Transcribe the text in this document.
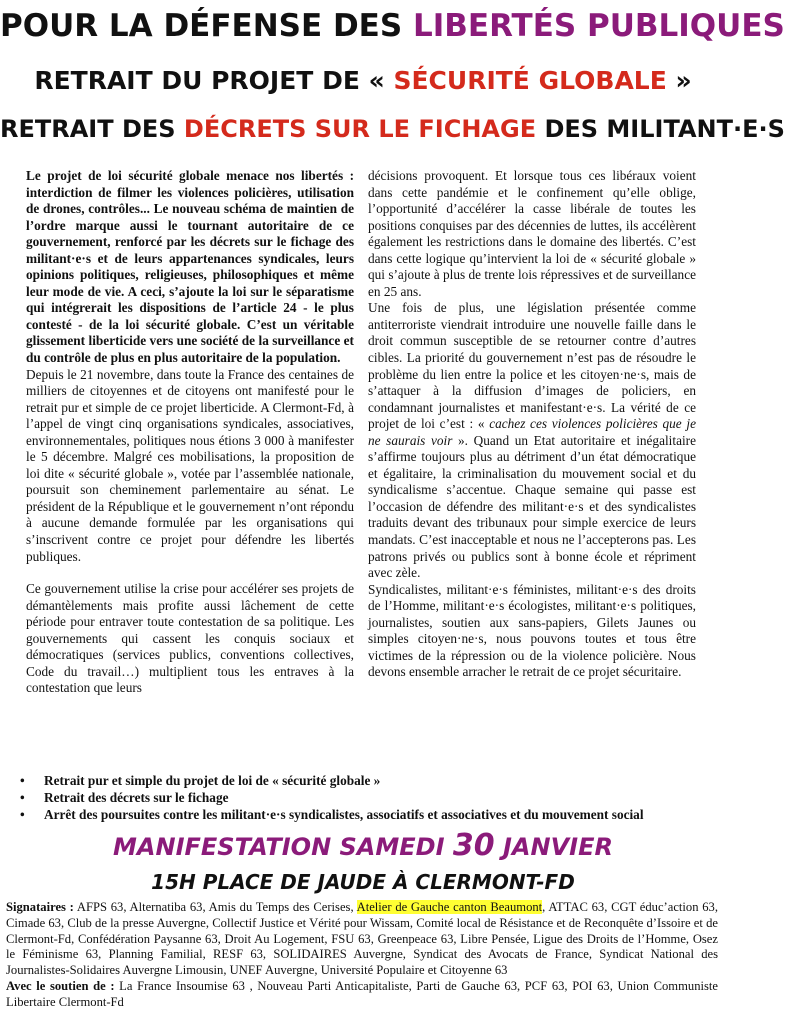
POUR LA DÉFENSE DES LIBERTÉS PUBLIQUES
RETRAIT DU PROJET DE « SÉCURITÉ GLOBALE »
RETRAIT DES DÉCRETS SUR LE FICHAGE DES MILITANT·E·S

Le projet de loi sécurité globale menace nos libertés : interdiction de filmer les violences policières, utilisation de drones, contrôles... Le nouveau schéma de maintien de l’ordre marque aussi le tournant autoritaire de ce gouvernement, renforcé par les décrets sur le fichage des militant·e·s et de leurs appartenances syndicales, leurs opinions politiques, religieuses, philosophiques et même leur mode de vie. A ceci, s’ajoute la loi sur le séparatisme qui intégrerait les dispositions de l’article 24 - le plus contesté - de la loi sécurité globale. C’est un véritable glissement liberticide vers une société de la surveillance et du contrôle de plus en plus autoritaire de la population.

Depuis le 21 novembre, dans toute la France des centaines de milliers de citoyennes et de citoyens ont manifesté pour le retrait pur et simple de ce projet liberticide. A Clermont-Fd, à l’appel de vingt cinq organisations syndicales, associatives, environnementales, politiques nous étions 3 000 à manifester le 5 décembre. Malgré ces mobilisations, la proposition de loi dite « sécurité globale », votée par l’assemblée nationale, poursuit son cheminement parlementaire au sénat. Le président de la République et le gouvernement n’ont répondu à aucune demande formulée par les organisations qui s’inscrivent contre ce projet pour défendre les libertés publiques.

Ce gouvernement utilise la crise pour accélérer ses projets de démantèlements mais profite aussi lâchement de cette période pour entraver toute contestation de sa politique. Les gouvernements qui cassent les conquis sociaux et démocratiques (services publics, conventions collectives, Code du travail…) multiplient tous les entraves à la contestation que leurs

décisions provoquent. Et lorsque tous ces libéraux voient dans cette pandémie et le confinement qu’elle oblige, l’opportunité d’accélérer la casse libérale de toutes les positions conquises par des décennies de luttes, ils accélèrent également les restrictions dans le domaine des libertés. C’est dans cette logique qu’intervient la loi de « sécurité globale » qui s’ajoute à plus de trente lois répressives et de surveillance en 25 ans.

Une fois de plus, une législation présentée comme antiterroriste viendrait introduire une nouvelle faille dans le droit commun susceptible de se retourner contre d’autres cibles. La priorité du gouvernement n’est pas de résoudre le problème du lien entre la police et les citoyen·ne·s, mais de s’attaquer à la diffusion d’images de policiers, en condamnant journalistes et manifestant·e·s. La vérité de ce projet de loi c’est : « cachez ces violences policières que je ne saurais voir ». Quand un Etat autoritaire et inégalitaire s’affirme toujours plus au détriment d’un état démocratique et égalitaire, la criminalisation du mouvement social et du syndicalisme s’accentue. Chaque semaine qui passe est l’occasion de défendre des militant·e·s et des syndicalistes traduits devant des tribunaux pour simple exercice de leurs mandats. C’est inacceptable et nous ne l’accepterons pas. Les patrons privés ou publics sont à bonne école et répriment avec zèle.

Syndicalistes, militant·e·s féministes, militant·e·s des droits de l’Homme, militant·e·s écologistes, militant·e·s politiques, journalistes, soutien aux sans-papiers, Gilets Jaunes ou simples citoyen·ne·s, nous pouvons toutes et tous être victimes de la répression ou de la violence policière. Nous devons ensemble arracher le retrait de ce projet sécuritaire.

• Retrait pur et simple du projet de loi de « sécurité globale »
• Retrait des décrets sur le fichage
• Arrêt des poursuites contre les militant·e·s syndicalistes, associatifs et associatives et du mouvement social
MANIFESTATION SAMEDI 30 JANVIER
15H PLACE DE JAUDE À CLERMONT-FD

Signataires : AFPS 63, Alternatiba 63, Amis du Temps des Cerises, Atelier de Gauche canton Beaumont, ATTAC 63, CGT éduc’action 63, Cimade 63, Club de la presse Auvergne, Collectif Justice et Vérité pour Wissam, Comité local de Résistance et de Reconquête d’Issoire et de Clermont-Fd, Confédération Paysanne 63, Droit Au Logement, FSU 63, Greenpeace 63, Libre Pensée, Ligue des Droits de l’Homme, Osez le Féminisme 63, Planning Familial, RESF 63, SOLIDAIRES Auvergne, Syndicat des Avocats de France, Syndicat National des Journalistes-Solidaires Auvergne Limousin, UNEF Auvergne, Université Populaire et Citoyenne 63

Avec le soutien de : La France Insoumise 63 , Nouveau Parti Anticapitaliste, Parti de Gauche 63, PCF 63, POI 63, Union Communiste Libertaire Clermont-Fd
